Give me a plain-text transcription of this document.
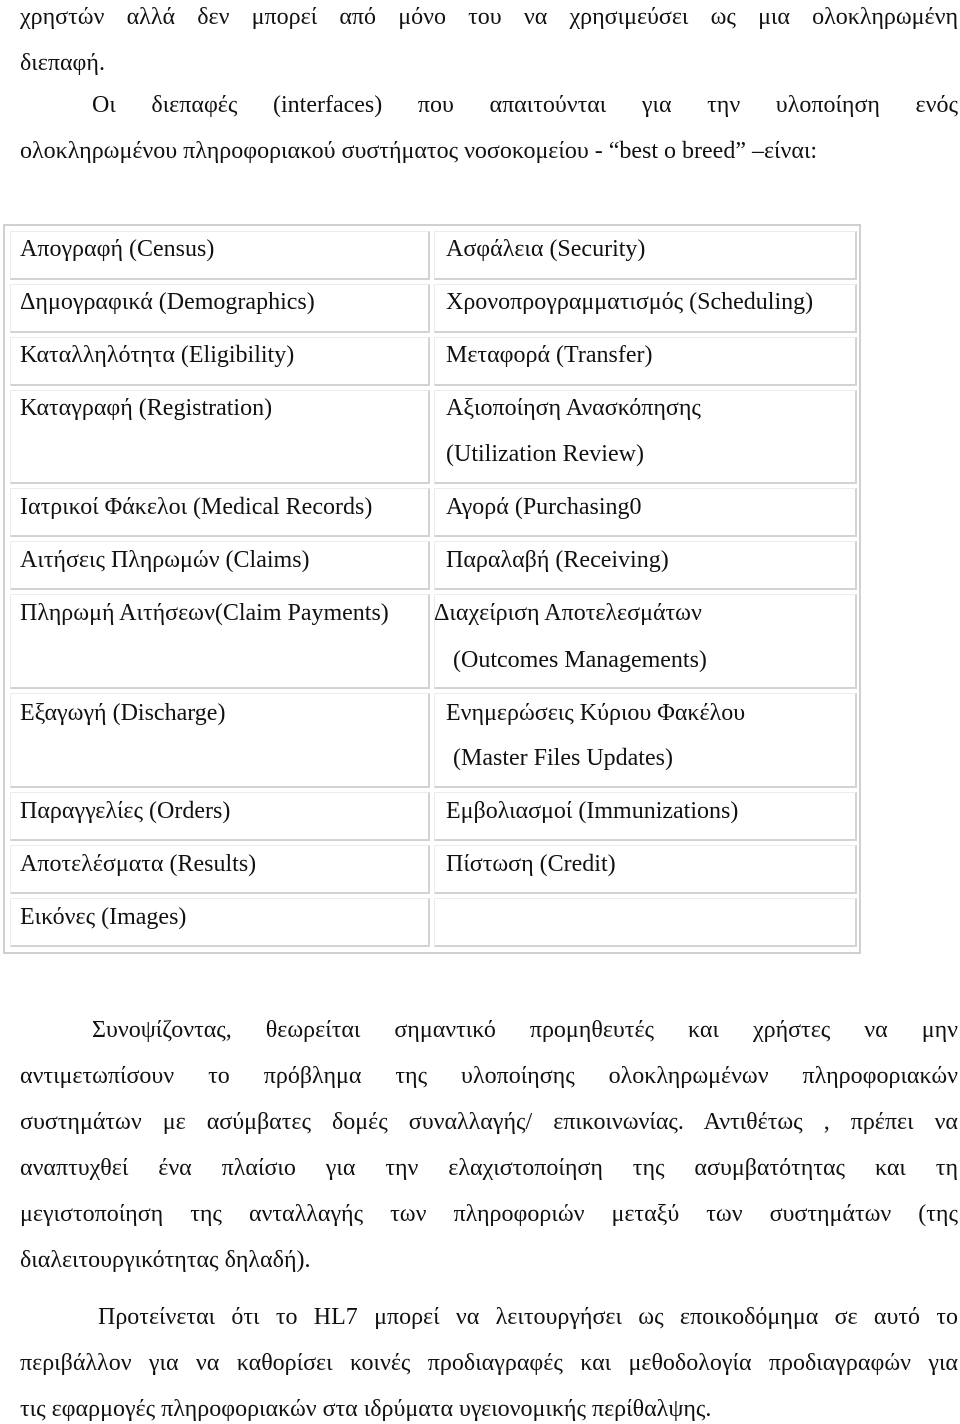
χρηστών αλλά δεν μπορεί από μόνο του να χρησιμεύσει ως μια ολοκληρωμένη
διεπαφή.
Οι διεπαφές (interfaces) που απαιτούνται για την υλοποίηση ενός
ολοκληρωμένου πληροφοριακού συστήματος νοσοκομείου - “best o breed” –είναι:
Απογραφή (Census)
Δημογραφικά (Demographics)
Καταλληλότητα (Eligibility)
Καταγραφή (Registration)
Ιατρικοί Φάκελοι (Medical Records)
Αιτήσεις Πληρωμών (Claims)
Πληρωμή Αιτήσεων(Claim Payments)
Εξαγωγή (Discharge)
Παραγγελίες (Orders)
Αποτελέσματα (Results)
Εικόνες (Images)
Ασφάλεια (Security)
Χρονοπρογραμματισμός (Scheduling)
Μεταφορά (Transfer)
Αξιοποίηση Ανασκόπησης
(Utilization Review)
Αγορά (Purchasing0
Παραλαβή (Receiving)
Διαχείριση Αποτελεσμάτων
(Outcomes Managements)
Ενημερώσεις Κύριου Φακέλου
(Master Files Updates)
Εμβολιασμοί (Immunizations)
Πίστωση (Credit)
Συνοψίζοντας, θεωρείται σημαντικό προμηθευτές και χρήστες να μην
αντιμετωπίσουν το πρόβλημα της υλοποίησης ολοκληρωμένων πληροφοριακών
συστημάτων με ασύμβατες δομές συναλλαγής/ επικοινωνίας. Αντιθέτως , πρέπει να
αναπτυχθεί ένα πλαίσιο για την ελαχιστοποίηση της ασυμβατότητας και τη
μεγιστοποίηση της ανταλλαγής των πληροφοριών μεταξύ των συστημάτων (της
διαλειτουργικότητας δηλαδή).
Προτείνεται ότι το HL7 μπορεί να λειτουργήσει ως εποικοδόμημα σε αυτό το
περιβάλλον για να καθορίσει κοινές προδιαγραφές και μεθοδολογία προδιαγραφών για
τις εφαρμογές πληροφοριακών στα ιδρύματα υγειονομικής περίθαλψης.
